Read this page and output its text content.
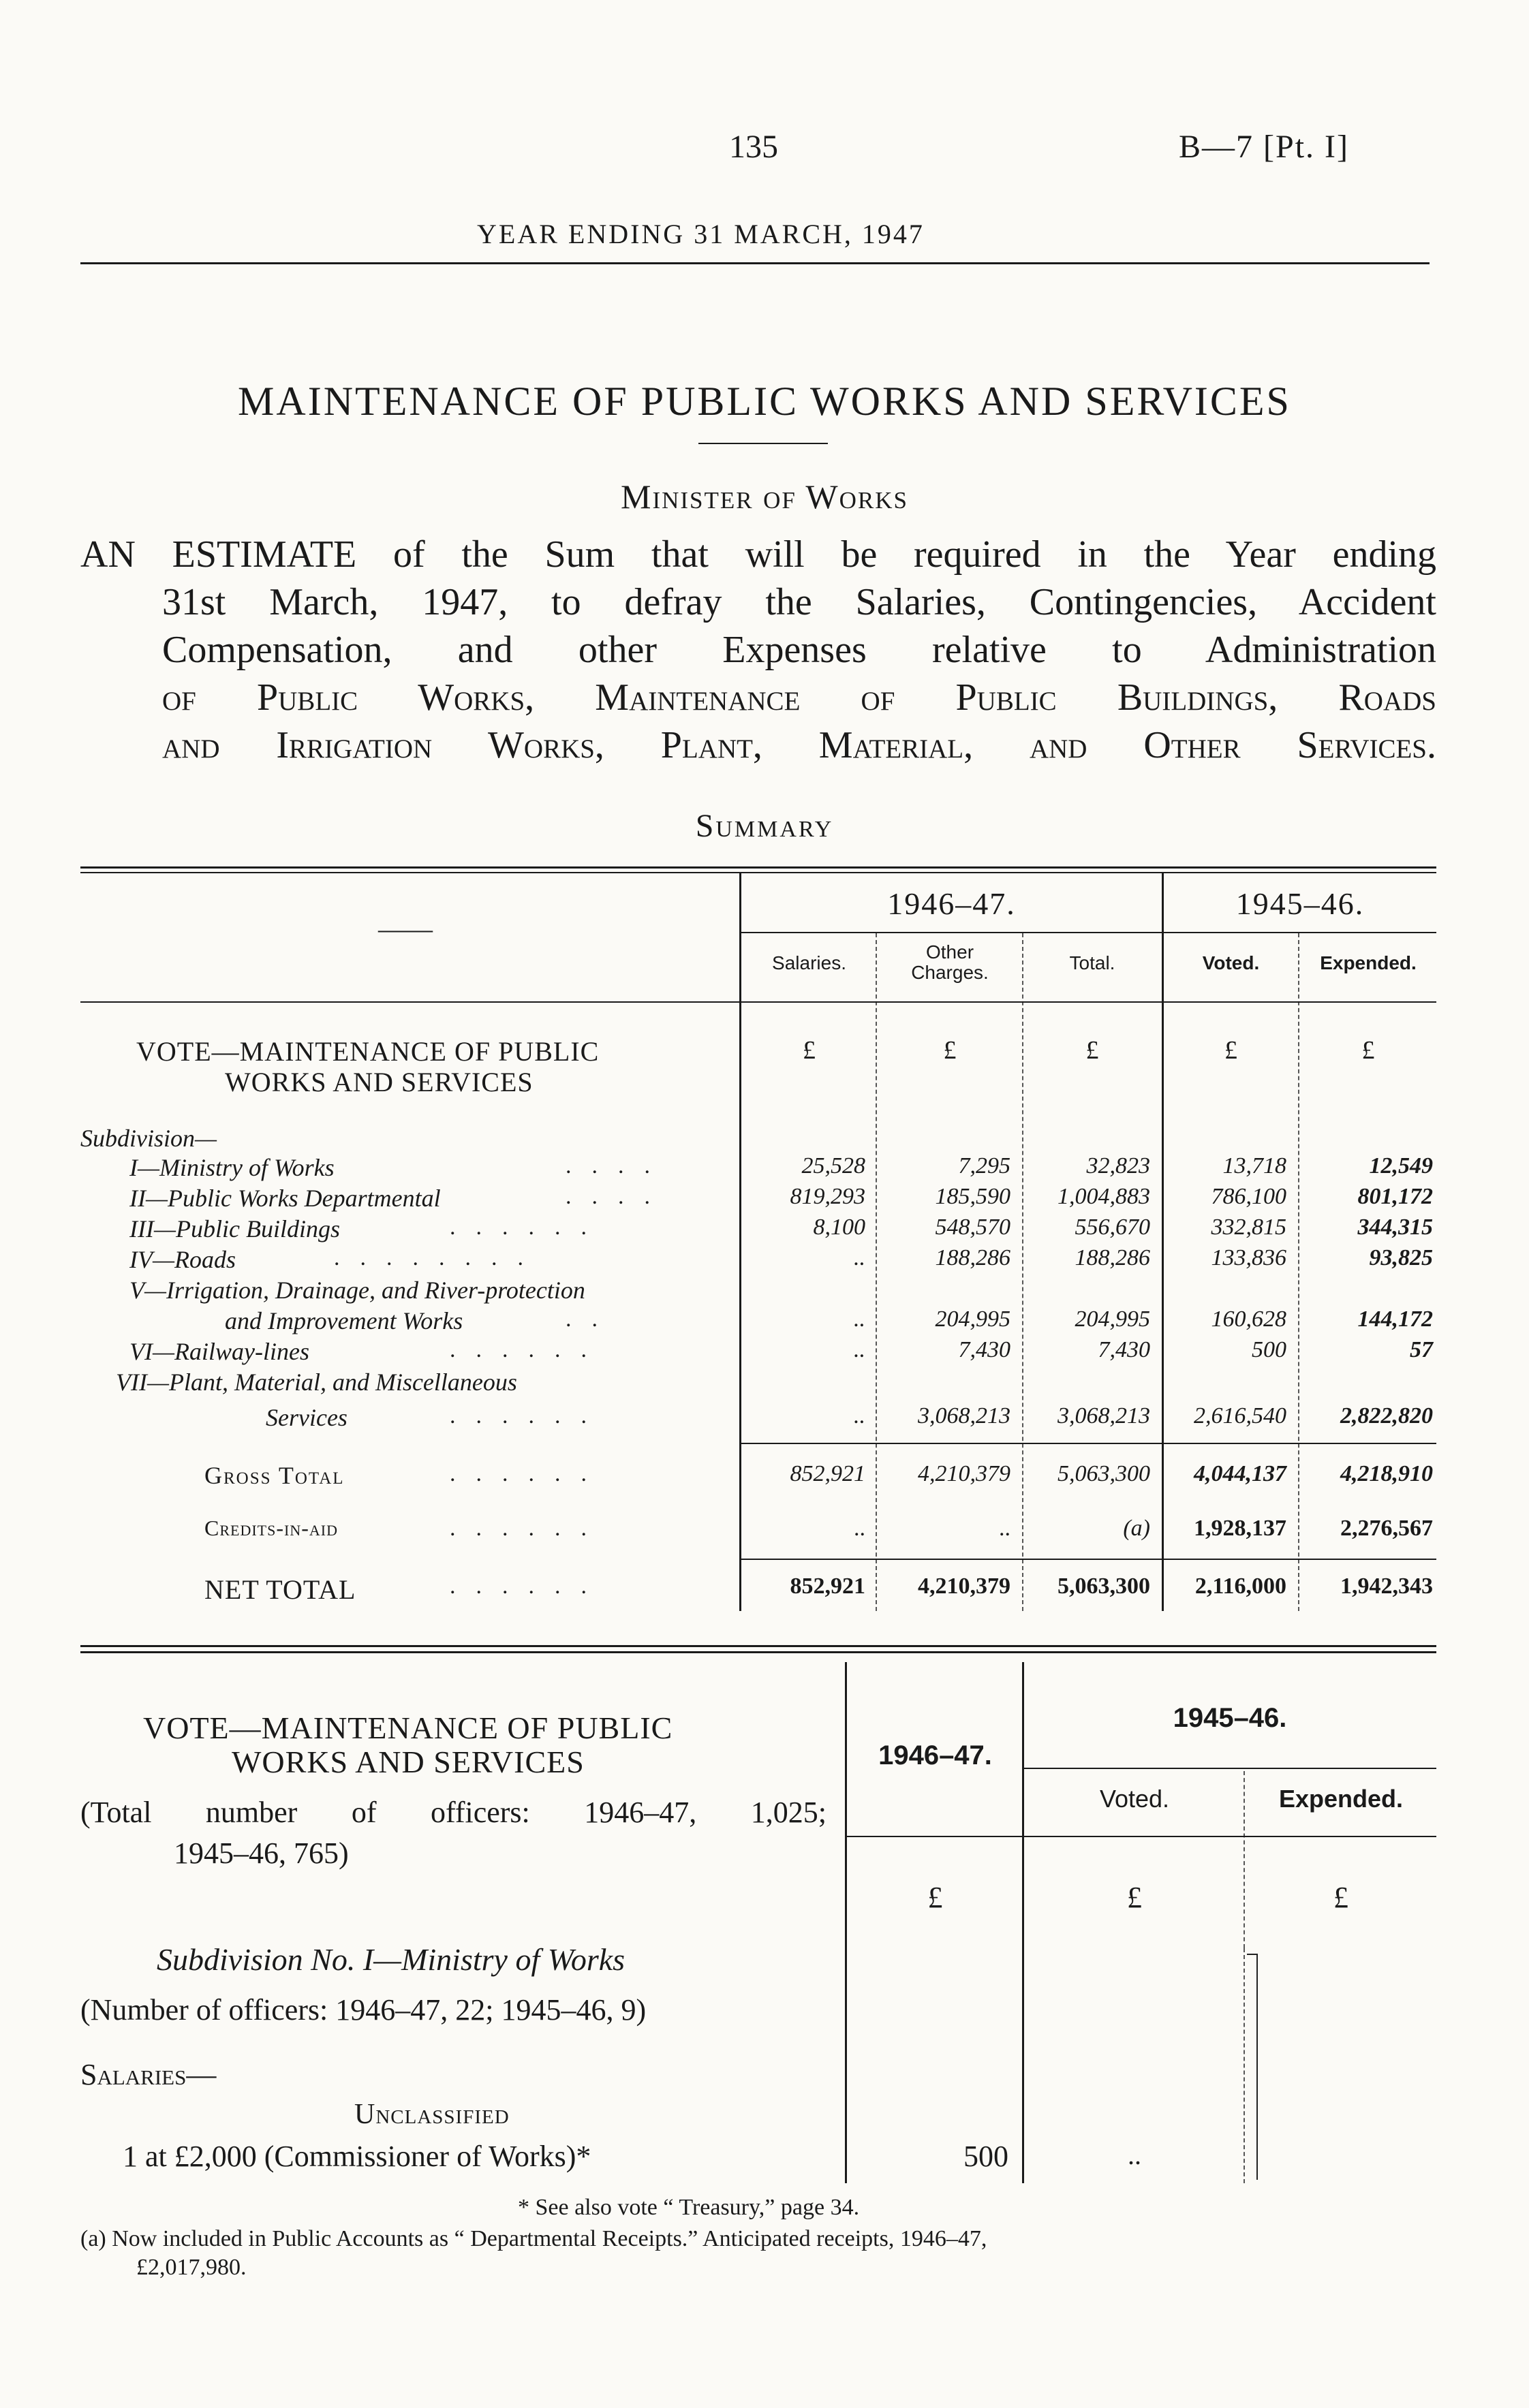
135	B—7 [Pt. I]
YEAR ENDING 31 MARCH, 1947
MAINTENANCE OF PUBLIC WORKS AND SERVICES
Minister of Works
AN ESTIMATE of the Sum that will be required in the Year ending
31st March, 1947, to defray the Salaries, Contingencies, Accident
Compensation, and other Expenses relative to Administration
of Public Works, Maintenance of Public Buildings, Roads
and Irrigation Works, Plant, Material, and Other Services.
Summary
——
1946–47.	1945–46.
Salaries.
Other
Charges.	Total.	Voted.	Expended.
VOTE—MAINTENANCE OF PUBLIC
WORKS AND SERVICES
£	£	£	£	£
Subdivision—
I—Ministry of Works	..​..	25,528	7,295	32,823	13,718	12,549
II—Public Works Departmental	..​..	819,293	185,590	1,004,883	786,100	801,172
III—Public Buildings	..​..​..	8,100	548,570	556,670	332,815	344,315
IV—Roads	..​..​..​..	..	188,286	188,286	133,836	93,825
V—Irrigation, Drainage, and River-protection
and Improvement Works	..	..	204,995	204,995	160,628	144,172
VI—Railway-lines	..​..​..	..	7,430	7,430	500	57
VII—Plant, Material, and Miscellaneous
Services	..​..​..	..	3,068,213	3,068,213	2,616,540	2,822,820
Gross Total	..​..​..	852,921	4,210,379	5,063,300	4,044,137	4,218,910
Credits-in-aid	..​..​..	..	..	(a)	1,928,137	2,276,567
NET TOTAL	..​..​..	852,921	4,210,379	5,063,300	2,116,000	1,942,343
VOTE—MAINTENANCE OF PUBLIC
WORKS AND SERVICES
(Total number of officers: 1946–47, 1,025;
1945–46, 765)
1946–47.
1945–46.
Voted.	Expended.
£	£	£
Subdivision No. I—Ministry of Works
(Number of officers: 1946–47, 22; 1945–46, 9)
Salaries—
Unclassified
1 at £2,000 (Commissioner of Works)*	500	..
* See also vote “ Treasury,” page 34.
(a) Now included in Public Accounts as “ Departmental Receipts.” Anticipated receipts, 1946–47,
£2,017,980.
